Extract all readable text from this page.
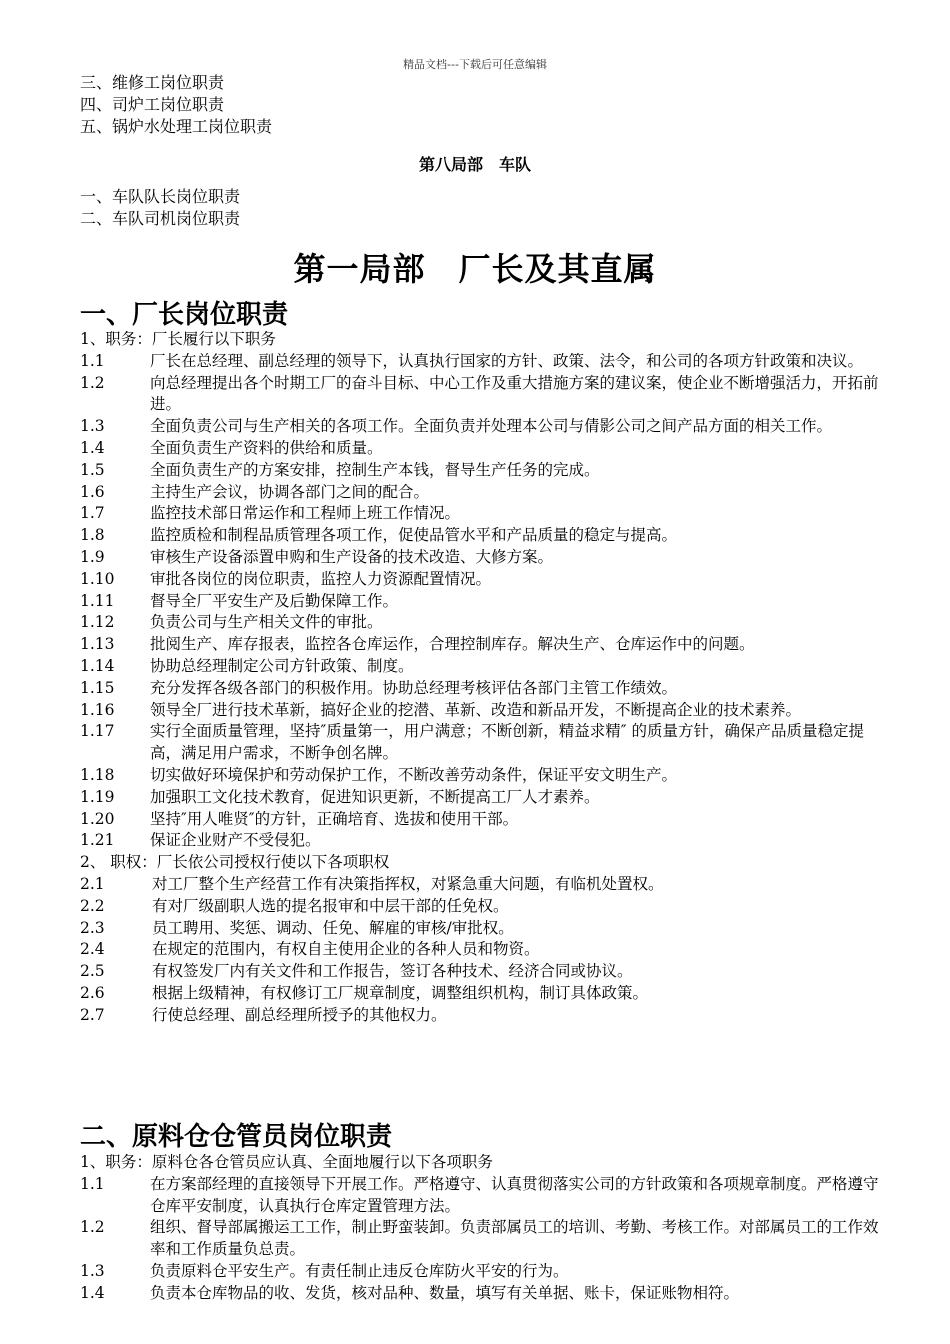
精品文档---下载后可任意编辑
三、维修工岗位职责
四、司炉工岗位职责
五、锅炉水处理工岗位职责
第八局部　车队
一、车队队长岗位职责
二、车队司机岗位职责
第一局部　厂长及其直属
一、厂长岗位职责

1、职务：厂长履行以下职务

1.1	厂长在总经理、副总经理的领导下，认真执行国家的方针、政策、法令，和公司的各项方针政策和决议。
1.2	向总经理提出各个时期工厂的奋斗目标、中心工作及重大措施方案的建议案，使企业不断增强活力，开拓前进。
1.3	全面负责公司与生产相关的各项工作。全面负责并处理本公司与倩影公司之间产品方面的相关工作。
1.4	全面负责生产资料的供给和质量。
1.5	全面负责生产的方案安排，控制生产本钱，督导生产任务的完成。
1.6	主持生产会议，协调各部门之间的配合。
1.7	监控技术部日常运作和工程师上班工作情况。
1.8	监控质检和制程品质管理各项工作，促使品管水平和产品质量的稳定与提高。
1.9	审核生产设备添置申购和生产设备的技术改造、大修方案。
1.10	审批各岗位的岗位职责，监控人力资源配置情况。
1.11	督导全厂平安生产及后勤保障工作。
1.12	负责公司与生产相关文件的审批。
1.13	批阅生产、库存报表，监控各仓库运作，合理控制库存。解决生产、仓库运作中的问题。
1.14	协助总经理制定公司方针政策、制度。
1.15	充分发挥各级各部门的积极作用。协助总经理考核评估各部门主管工作绩效。
1.16	领导全厂进行技术革新，搞好企业的挖潜、革新、改造和新品开发，不断提高企业的技术素养。
1.17	实行全面质量管理，坚持″质量第一，用户满意；不断创新，精益求精″ 的质量方针，确保产品质量稳定提高，满足用户需求，不断争创名牌。
1.18	切实做好环境保护和劳动保护工作，不断改善劳动条件，保证平安文明生产。
1.19	加强职工文化技术教育，促进知识更新，不断提高工厂人才素养。
1.20	坚持″用人唯贤″的方针，正确培育、选拔和使用干部。
1.21	保证企业财产不受侵犯。

2、 职权：厂长依公司授权行使以下各项职权

2.1	对工厂整个生产经营工作有决策指挥权，对紧急重大问题，有临机处置权。
2.2	有对厂级副职人选的提名报审和中层干部的任免权。
2.3	员工聘用、奖惩、调动、任免、解雇的审核/审批权。
2.4	在规定的范围内，有权自主使用企业的各种人员和物资。
2.5	有权签发厂内有关文件和工作报告，签订各种技术、经济合同或协议。
2.6	根据上级精神，有权修订工厂规章制度，调整组织机构，制订具体政策。
2.7	行使总经理、副总经理所授予的其他权力。
二、原料仓仓管员岗位职责

1、职务：原料仓各仓管员应认真、全面地履行以下各项职务

1.1	在方案部经理的直接领导下开展工作。严格遵守、认真贯彻落实公司的方针政策和各项规章制度。严格遵守仓库平安制度，认真执行仓库定置管理方法。
1.2	组织、督导部属搬运工工作，制止野蛮装卸。负责部属员工的培训、考勤、考核工作。对部属员工的工作效率和工作质量负总责。
1.3	负责原料仓平安生产。有责任制止违反仓库防火平安的行为。
1.4	负责本仓库物品的收、发货，核对品种、数量，填写有关单据、账卡，保证账物相符。
